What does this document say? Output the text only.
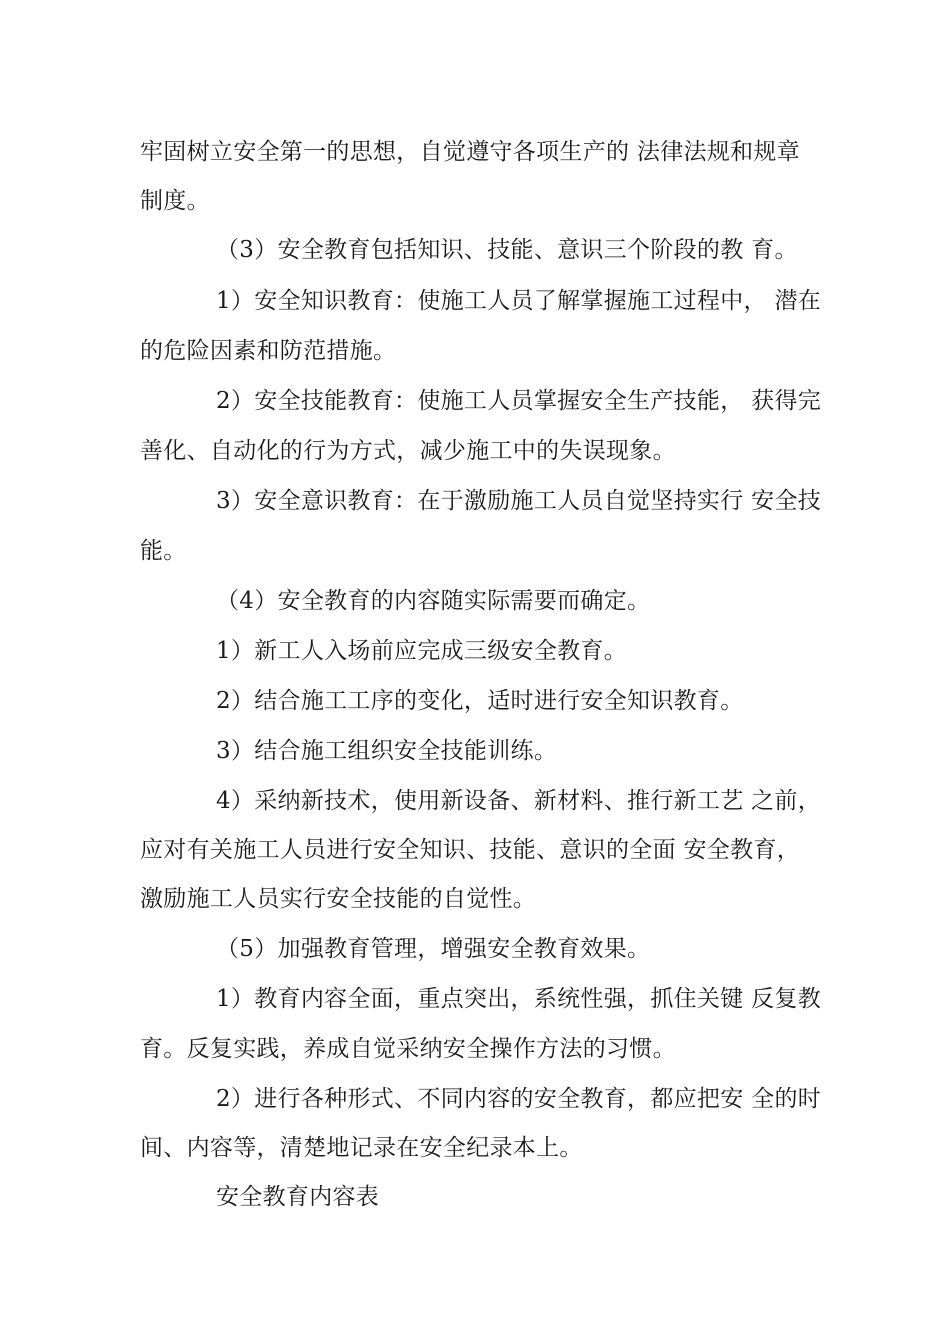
牢固树立安全第一的思想，自觉遵守各项生产的 法律法规和规章
制度。
（3）安全教育包括知识、技能、意识三个阶段的教 育。
1）安全知识教育：使施工人员了解掌握施工过程中， 潜在
的危险因素和防范措施。
2）安全技能教育：使施工人员掌握安全生产技能， 获得完
善化、自动化的行为方式，减少施工中的失误现象。
3）安全意识教育：在于激励施工人员自觉坚持实行 安全技
能。
（4）安全教育的内容随实际需要而确定。
1）新工人入场前应完成三级安全教育。
2）结合施工工序的变化，适时进行安全知识教育。
3）结合施工组织安全技能训练。
4）采纳新技术，使用新设备、新材料、推行新工艺 之前，
应对有关施工人员进行安全知识、技能、意识的全面 安全教育，
激励施工人员实行安全技能的自觉性。
（5）加强教育管理，增强安全教育效果。
1）教育内容全面，重点突出，系统性强，抓住关键 反复教
育。反复实践，养成自觉采纳安全操作方法的习惯。
2）进行各种形式、不同内容的安全教育，都应把安 全的时
间、内容等，清楚地记录在安全纪录本上。
安全教育内容表
